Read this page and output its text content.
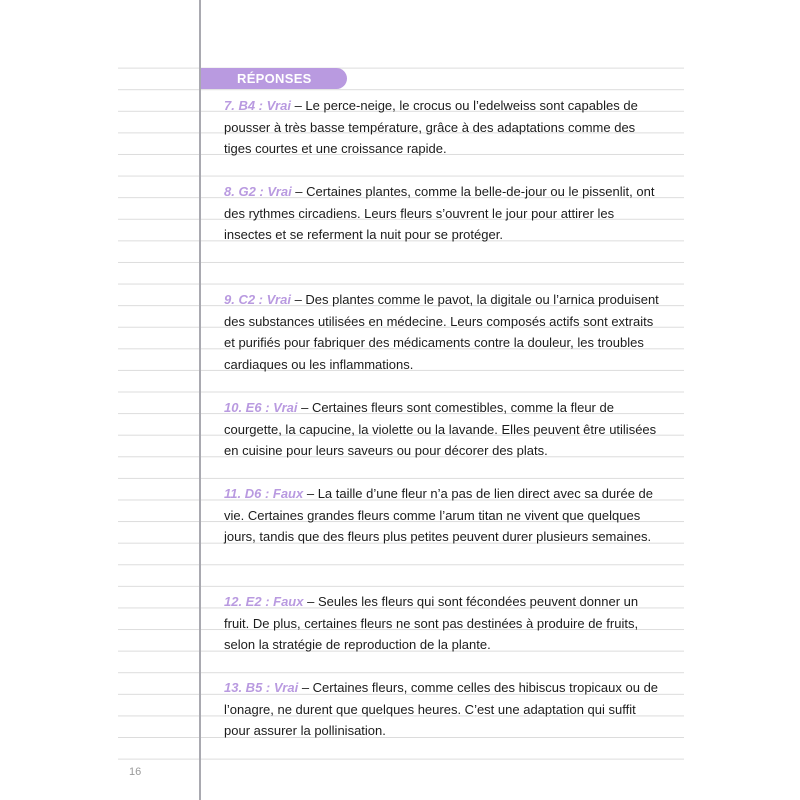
RÉPONSES

7. B4 : Vrai – Le perce-neige, le crocus ou l’edelweiss sont capables de pousser à très basse température, grâce à des adaptations comme des tiges courtes et une croissance rapide.

8. G2 : Vrai – Certaines plantes, comme la belle-de-jour ou le pissenlit, ont des rythmes circadiens. Leurs fleurs s’ouvrent le jour pour attirer les insectes et se referment la nuit pour se protéger.

9. C2 : Vrai – Des plantes comme le pavot, la digitale ou l’arnica produisent des substances utilisées en médecine. Leurs composés actifs sont extraits et purifiés pour fabriquer des médicaments contre la douleur, les troubles cardiaques ou les inflammations.

10. E6 : Vrai – Certaines fleurs sont comestibles, comme la fleur de courgette, la capucine, la violette ou la lavande. Elles peuvent être utilisées en cuisine pour leurs saveurs ou pour décorer des plats.

11. D6 : Faux – La taille d’une fleur n’a pas de lien direct avec sa durée de vie. Certaines grandes fleurs comme l’arum titan ne vivent que quelques jours, tandis que des fleurs plus petites peuvent durer plusieurs semaines.

12. E2 : Faux – Seules les fleurs qui sont fécondées peuvent donner un fruit. De plus, certaines fleurs ne sont pas destinées à produire de fruits, selon la stratégie de reproduction de la plante.

13. B5 : Vrai – Certaines fleurs, comme celles des hibiscus tropicaux ou de l’onagre, ne durent que quelques heures. C’est une adaptation qui suffit pour assurer la pollinisation.

16
